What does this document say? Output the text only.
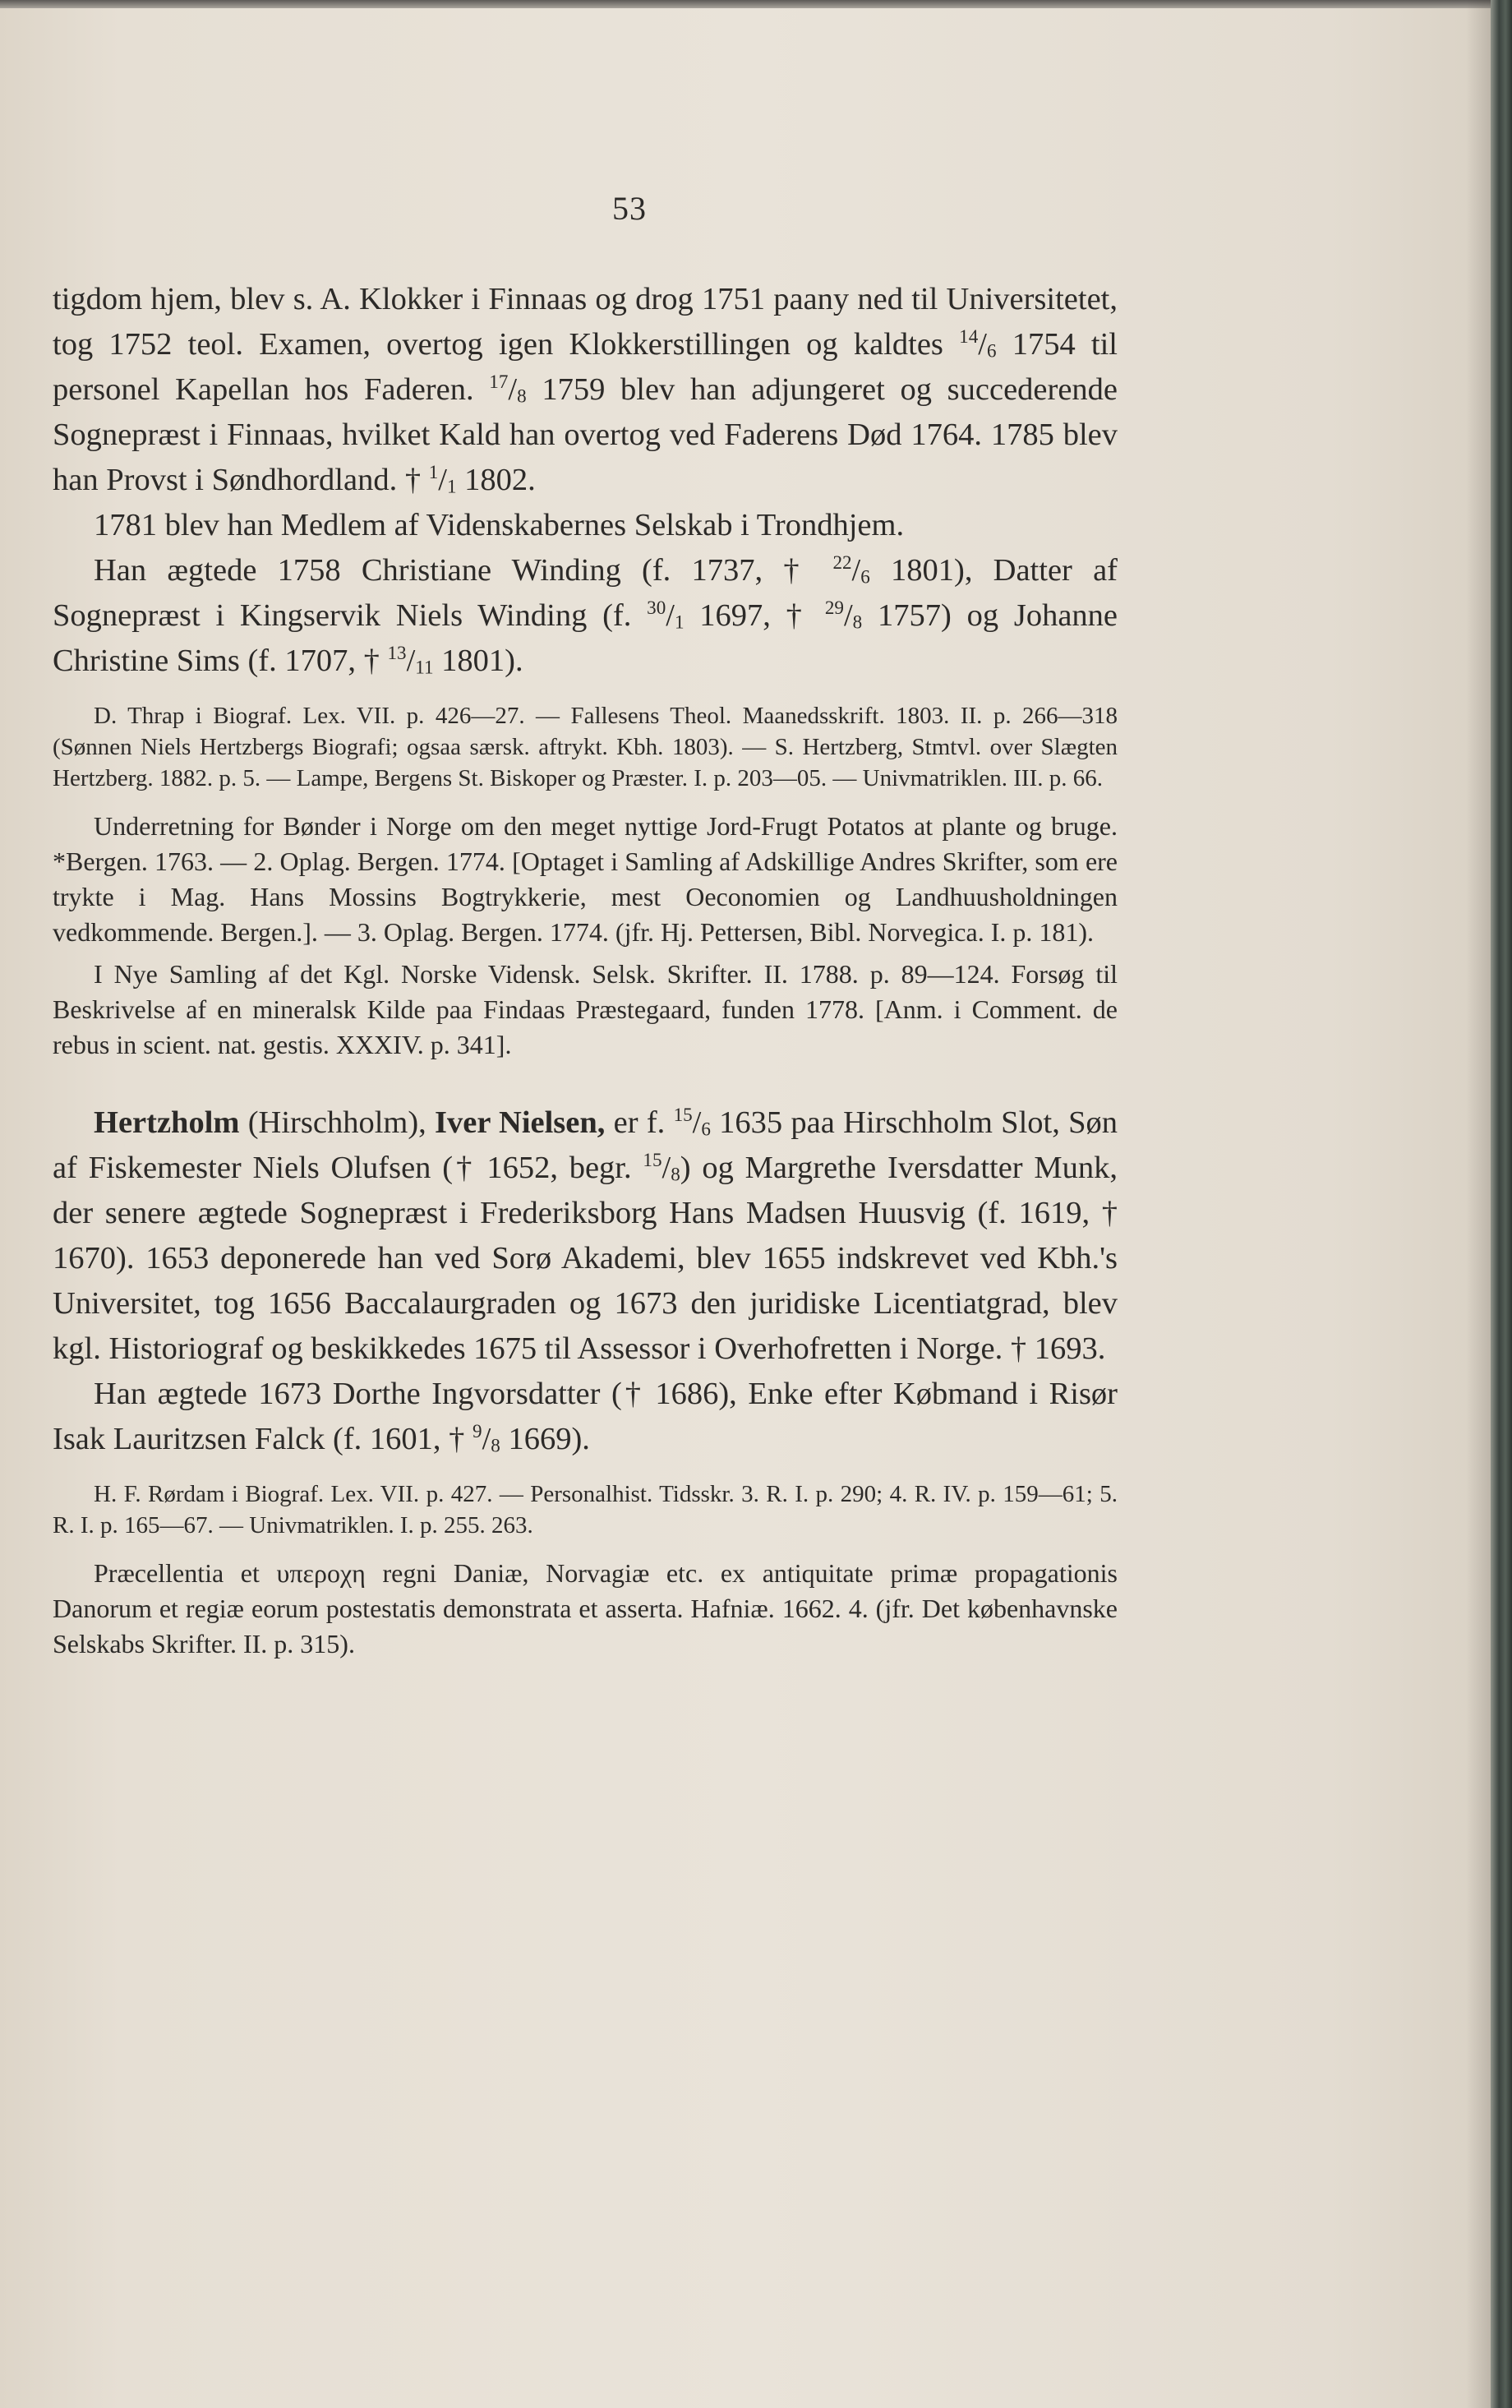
53

tigdom hjem, blev s. A. Klokker i Finnaas og drog 1751 paany ned til Universitetet, tog 1752 teol. Examen, overtog igen Klokkerstillingen og kaldtes $^{14}/_6$ 1754 til personel Kapellan hos Faderen. $^{17}/_8$ 1759 blev han adjungeret og succederende Sognepræst i Finnaas, hvilket Kald han overtog ved Faderens Død 1764. 1785 blev han Provst i Søndhordland. † $^1/_1$ 1802.

1781 blev han Medlem af Videnskabernes Selskab i Trondhjem.

Han ægtede 1758 Christiane Winding (f. 1737, † $^{22}/_6$ 1801), Datter af Sognepræst i Kingservik Niels Winding (f. $^{30}/_1$ 1697, † $^{29}/_8$ 1757) og Johanne Christine Sims (f. 1707, † $^{13}/_{11}$ 1801).

D. Thrap i Biograf. Lex. VII. p. 426—27. — Fallesens Theol. Maanedsskrift. 1803. II. p. 266—318 (Sønnen Niels Hertzbergs Biografi; ogsaa særsk. aftrykt. Kbh. 1803). — S. Hertzberg, Stmtvl. over Slægten Hertzberg. 1882. p. 5. — Lampe, Bergens St. Biskoper og Præster. I. p. 203—05. — Univmatriklen. III. p. 66.

Underretning for Bønder i Norge om den meget nyttige Jord-Frugt Potatos at plante og bruge. *Bergen. 1763. — 2. Oplag. Bergen. 1774. [Optaget i Samling af Adskillige Andres Skrifter, som ere trykte i Mag. Hans Mossins Bogtrykkerie, mest Oeconomien og Landhuusholdningen vedkommende. Bergen.]. — 3. Oplag. Bergen. 1774. (jfr. Hj. Pettersen, Bibl. Norvegica. I. p. 181).

I Nye Samling af det Kgl. Norske Vidensk. Selsk. Skrifter. II. 1788. p. 89—124. Forsøg til Beskrivelse af en mineralsk Kilde paa Findaas Præstegaard, funden 1778. [Anm. i Comment. de rebus in scient. nat. gestis. XXXIV. p. 341].

Hertzholm (Hirschholm), Iver Nielsen, er f. $^{15}/_6$ 1635 paa Hirschholm Slot, Søn af Fiskemester Niels Olufsen († 1652, begr. $^{15}/_8$) og Margrethe Iversdatter Munk, der senere ægtede Sognepræst i Frederiksborg Hans Madsen Huusvig (f. 1619, † 1670). 1653 deponerede han ved Sorø Akademi, blev 1655 indskrevet ved Kbh.'s Universitet, tog 1656 Baccalaurgraden og 1673 den juridiske Licentiatgrad, blev kgl. Historiograf og beskikkedes 1675 til Assessor i Overhofretten i Norge. † 1693.

Han ægtede 1673 Dorthe Ingvorsdatter († 1686), Enke efter Købmand i Risør Isak Lauritzsen Falck (f. 1601, † $^9/_8$ 1669).

H. F. Rørdam i Biograf. Lex. VII. p. 427. — Personalhist. Tidsskr. 3. R. I. p. 290; 4. R. IV. p. 159—61; 5. R. I. p. 165—67. — Univmatriklen. I. p. 255. 263.

Præcellentia et υπεροχη regni Daniæ, Norvagiæ etc. ex antiquitate primæ propagationis Danorum et regiæ eorum postestatis demonstrata et asserta. Hafniæ. 1662. 4. (jfr. Det københavnske Selskabs Skrifter. II. p. 315).
